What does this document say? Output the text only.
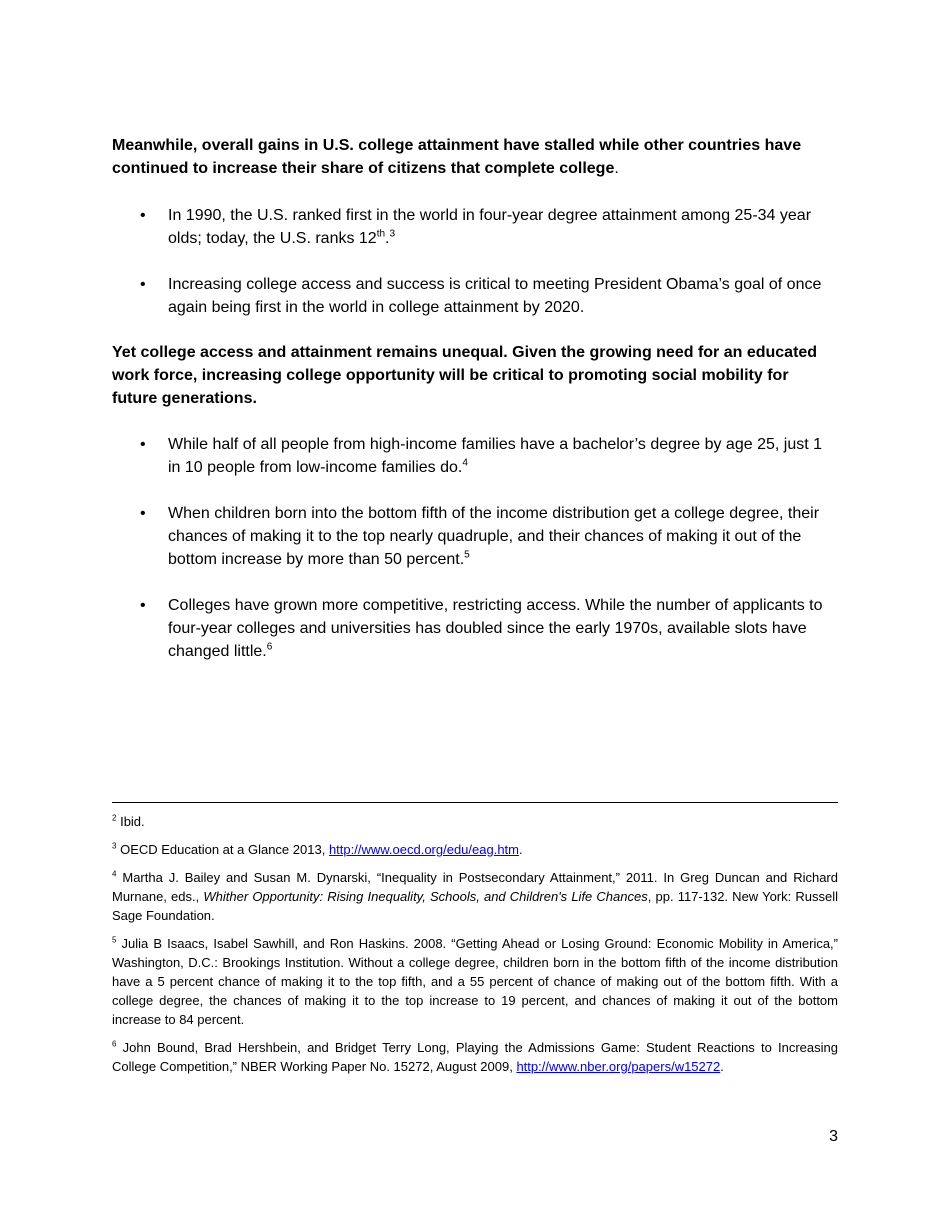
Meanwhile, overall gains in U.S. college attainment have stalled while other countries have continued to increase their share of citizens that complete college.
•	In 1990, the U.S. ranked first in the world in four-year degree attainment among 25-34 year olds; today, the U.S. ranks 12th.$^3$
•	Increasing college access and success is critical to meeting President Obama’s goal of once again being first in the world in college attainment by 2020.
Yet college access and attainment remains unequal. Given the growing need for an educated work force, increasing college opportunity will be critical to promoting social mobility for future generations.
•	While half of all people from high-income families have a bachelor’s degree by age 25, just 1 in 10 people from low-income families do.$^4$
•	When children born into the bottom fifth of the income distribution get a college degree, their chances of making it to the top nearly quadruple, and their chances of making it out of the bottom increase by more than 50 percent.$^5$
•	Colleges have grown more competitive, restricting access. While the number of applicants to four-year colleges and universities has doubled since the early 1970s, available slots have changed little.$^6$
$^2$ Ibid.
$^3$ OECD Education at a Glance 2013, http://www.oecd.org/edu/eag.htm.
$^4$ Martha J. Bailey and Susan M. Dynarski, “Inequality in Postsecondary Attainment,” 2011. In Greg Duncan and Richard Murnane, eds., Whither Opportunity: Rising Inequality, Schools, and Children's Life Chances, pp. 117-132. New York: Russell Sage Foundation.
$^5$ Julia B Isaacs, Isabel Sawhill, and Ron Haskins. 2008. “Getting Ahead or Losing Ground: Economic Mobility in America,” Washington, D.C.: Brookings Institution. Without a college degree, children born in the bottom fifth of the income distribution have a 5 percent chance of making it to the top fifth, and a 55 percent of chance of making out of the bottom fifth. With a college degree, the chances of making it to the top increase to 19 percent, and chances of making it out of the bottom increase to 84 percent.
$^6$ John Bound, Brad Hershbein, and Bridget Terry Long, Playing the Admissions Game: Student Reactions to Increasing College Competition,” NBER Working Paper No. 15272, August 2009, http://www.nber.org/papers/w15272.
3
